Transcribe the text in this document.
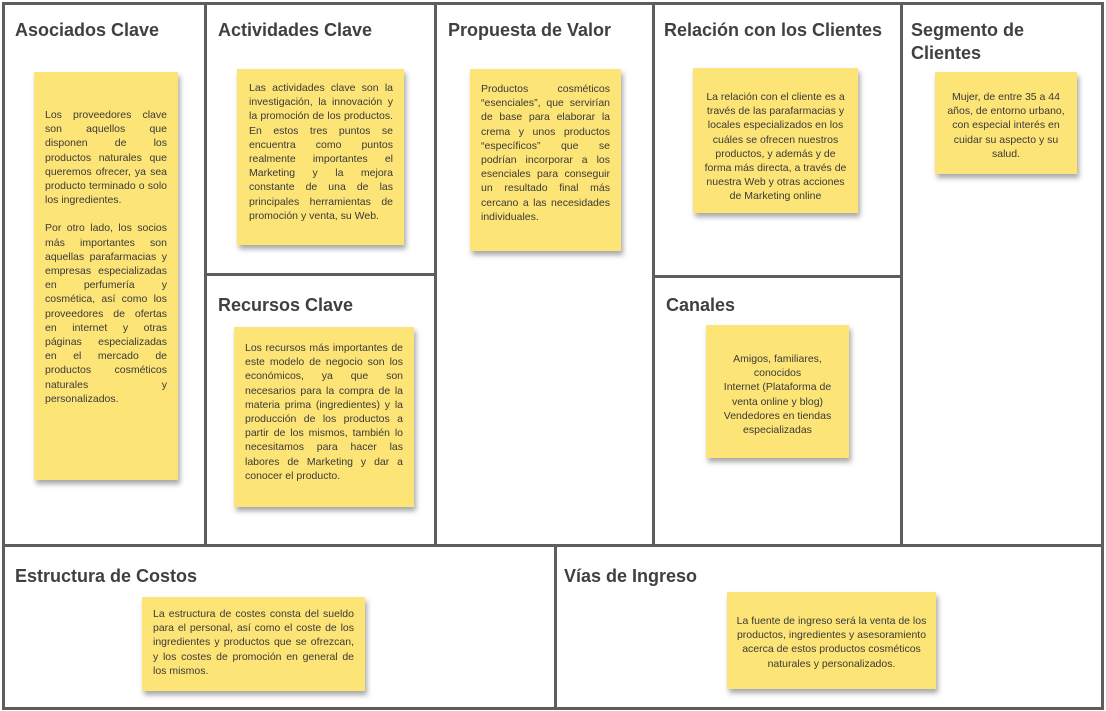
Asociados Clave

Los proveedores clave son aquellos que disponen de los productos naturales que queremos ofrecer, ya sea producto terminado o solo los ingredientes.

Por otro lado, los socios más importantes son aquellas parafarmacias y empresas especializadas en perfumería y cosmética, así como los proveedores de ofertas en internet y otras páginas especializadas en el mercado de productos cosméticos naturales y personalizados.

Actividades Clave

Las actividades clave son la investigación, la innovación y la promoción de los productos. En estos tres puntos se encuentra como puntos realmente importantes el Marketing y la mejora constante de una de las principales herramientas de promoción y venta, su Web.

Recursos Clave

Los recursos más importantes de este modelo de negocio son los económicos, ya que son necesarios para la compra de la materia prima (ingredientes) y la producción de los productos a partir de los mismos, también lo necesitamos para hacer las labores de Marketing y dar a conocer el producto.

Propuesta de Valor

Productos cosméticos “esenciales”, que servirían de base para elaborar la crema y unos productos “específicos” que se podrían incorporar a los esenciales para conseguir un resultado final más cercano a las necesidades individuales.

Relación con los Clientes

La relación con el cliente es a través de las parafarmacias y locales especializados en los cuáles se ofrecen nuestros productos, y además y de forma más directa, a través de nuestra Web y otras acciones de Marketing online

Canales

Amigos, familiares, conocidos

Internet (Plataforma de venta online y blog)

Vendedores en tiendas especializadas

Segmento de
Clientes

Mujer, de entre 35 a 44 años, de entorno urbano, con especial interés en cuidar su aspecto y su salud.

Estructura de Costos

La estructura de costes consta del sueldo para el personal, así como el coste de los ingredientes y productos que se ofrezcan, y los costes de promoción en general de los mismos.

Vías de Ingreso

La fuente de ingreso será la venta de los productos, ingredientes y asesoramiento acerca de estos productos cosméticos naturales y personalizados.
